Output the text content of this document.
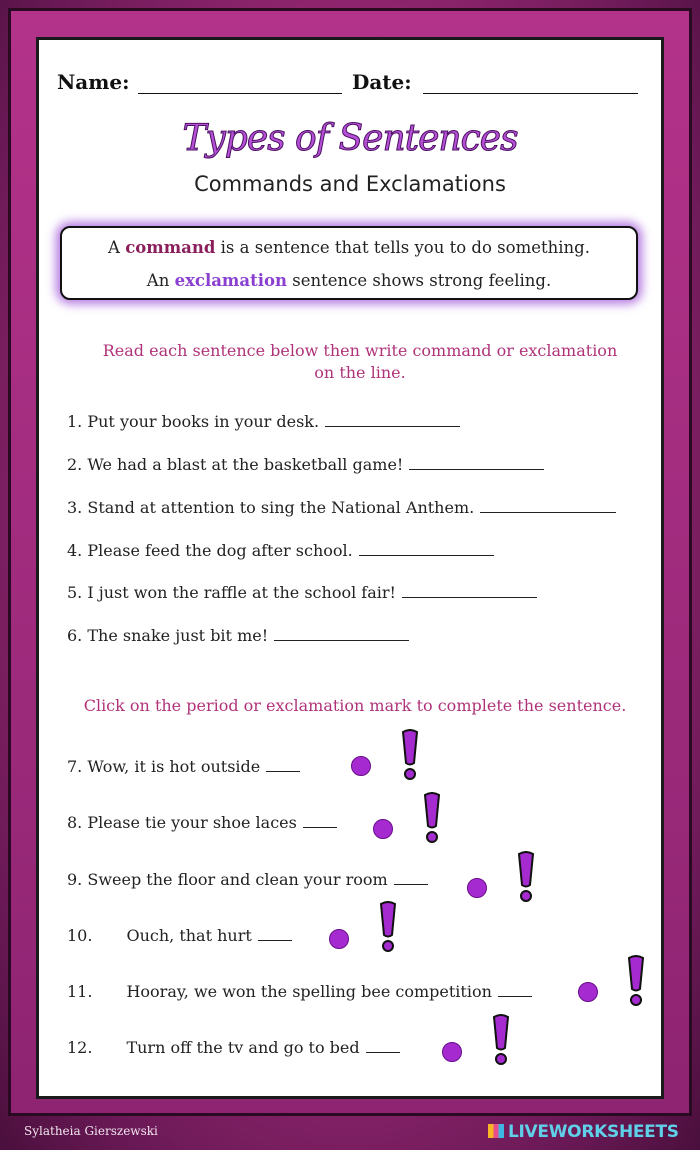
Name:	Date:
Types of Sentences
Commands and Exclamations
A command is a sentence that tells you to do something.
An exclamation sentence shows strong feeling.
Read each sentence below then write command or exclamation
on the line.
1. Put your books in your desk.
2. We had a blast at the basketball game!
3. Stand at attention to sing the National Anthem.
4. Please feed the dog after school.
5. I just won the raffle at the school fair!
6. The snake just bit me!
Click on the period or exclamation mark to complete the sentence.
7. Wow, it is hot outside
8. Please tie your shoe laces
9. Sweep the floor and clean your room
10. Ouch, that hurt
11. Hooray, we won the spelling bee competition
12. Turn off the tv and go to bed
Sylatheia Gierszewski	LIVEWORKSHEETS
